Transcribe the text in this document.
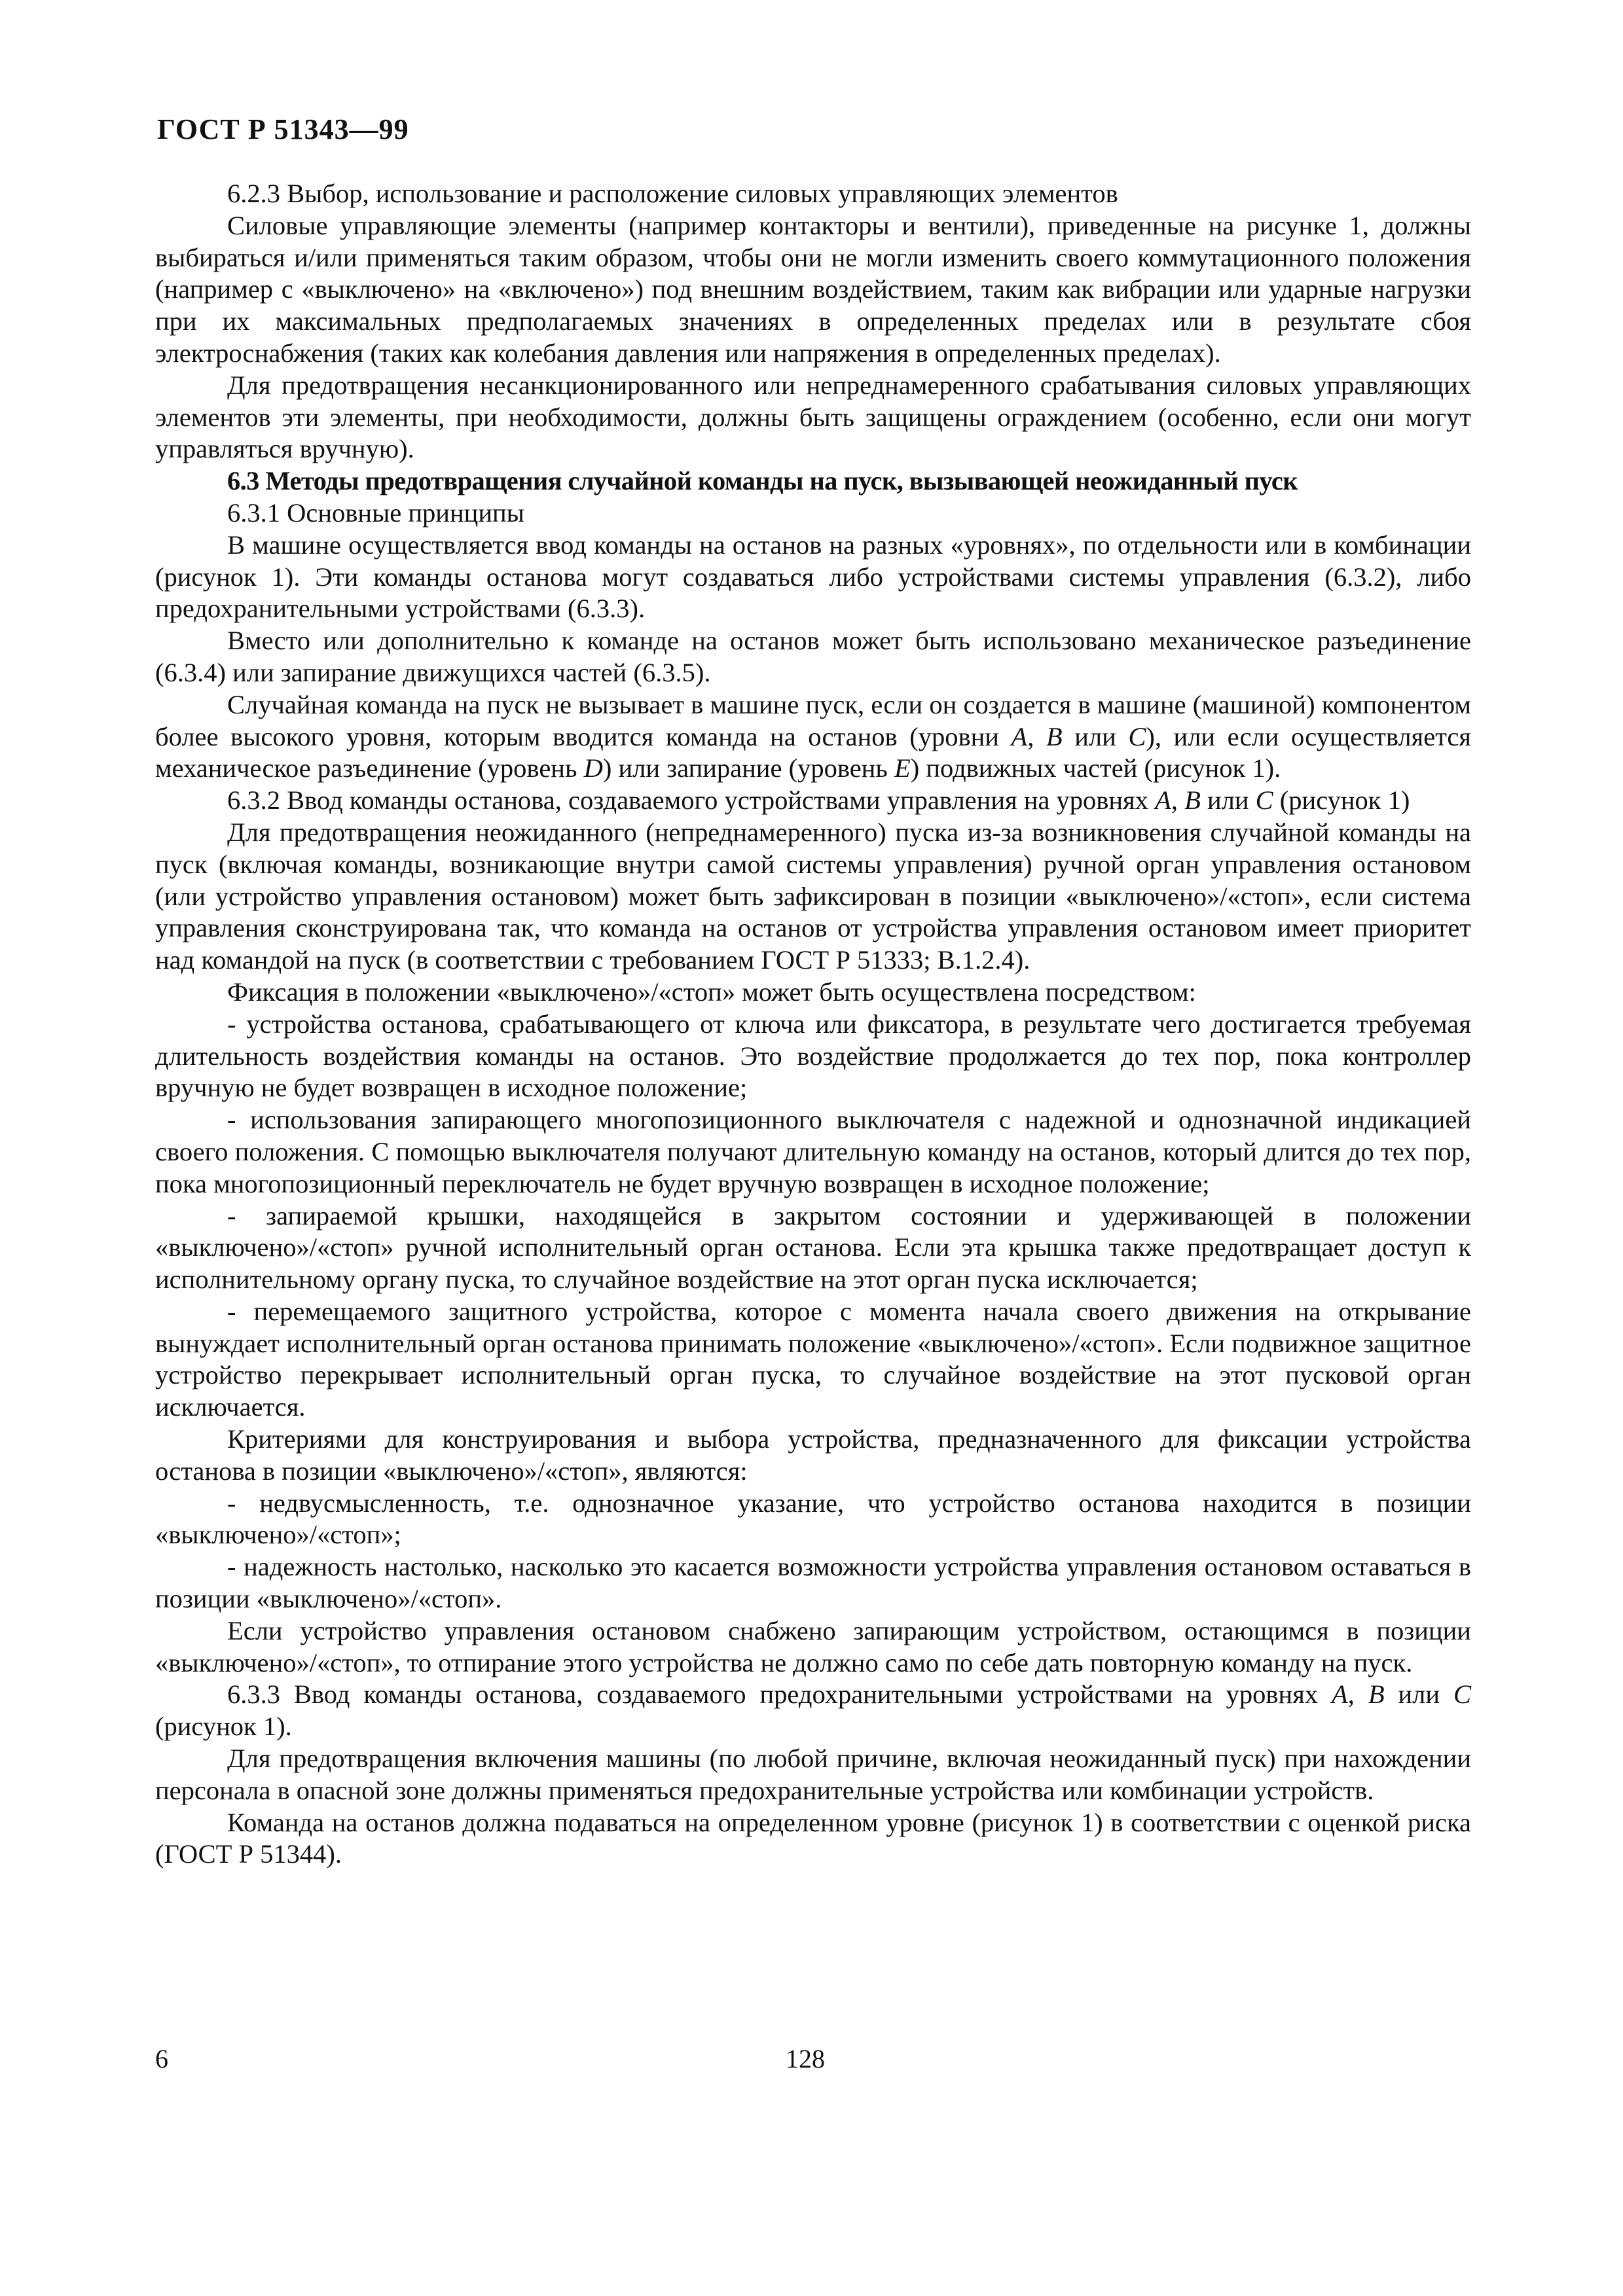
ГОСТ Р 51343—99

6.2.3 Выбор, использование и расположение силовых управляющих элементов

Силовые управляющие элементы (например контакторы и вентили), приведенные на рисунке 1, должны выбираться и/или применяться таким образом, чтобы они не могли изменить своего коммутационного положения (например с «выключено» на «включено») под внешним воздействием, таким как вибрации или ударные нагрузки при их максимальных предполагаемых значениях в определенных пределах или в результате сбоя электроснабжения (таких как колебания давления или напряжения в определенных пределах).

Для предотвращения несанкционированного или непреднамеренного срабатывания силовых управляющих элементов эти элементы, при необходимости, должны быть защищены ограждением (особенно, если они могут управляться вручную).

6.3 Методы предотвращения случайной команды на пуск, вызывающей неожиданный пуск

6.3.1 Основные принципы

В машине осуществляется ввод команды на останов на разных «уровнях», по отдельности или в комбинации (рисунок 1). Эти команды останова могут создаваться либо устройствами системы управления (6.3.2), либо предохранительными устройствами (6.3.3).

Вместо или дополнительно к команде на останов может быть использовано механическое разъединение (6.3.4) или запирание движущихся частей (6.3.5).

Случайная команда на пуск не вызывает в машине пуск, если он создается в машине (машиной) компонентом более высокого уровня, которым вводится команда на останов (уровни A, B или C), или если осуществляется механическое разъединение (уровень D) или запирание (уровень E) подвижных частей (рисунок 1).

6.3.2 Ввод команды останова, создаваемого устройствами управления на уровнях A, B или C (рисунок 1)

Для предотвращения неожиданного (непреднамеренного) пуска из-за возникновения случайной команды на пуск (включая команды, возникающие внутри самой системы управления) ручной орган управления остановом (или устройство управления остановом) может быть зафиксирован в позиции «выключено»/«стоп», если система управления сконструирована так, что команда на останов от устройства управления остановом имеет приоритет над командой на пуск (в соответствии с требованием ГОСТ Р 51333; В.1.2.4).

Фиксация в положении «выключено»/«стоп» может быть осуществлена посредством:

- устройства останова, срабатывающего от ключа или фиксатора, в результате чего достигается требуемая длительность воздействия команды на останов. Это воздействие продолжается до тех пор, пока контроллер вручную не будет возвращен в исходное положение;

- использования запирающего многопозиционного выключателя с надежной и однозначной индикацией своего положения. С помощью выключателя получают длительную команду на останов, который длится до тех пор, пока многопозиционный переключатель не будет вручную возвращен в исходное положение;

- запираемой крышки, находящейся в закрытом состоянии и удерживающей в положении «выключено»/«стоп» ручной исполнительный орган останова. Если эта крышка также предотвращает доступ к исполнительному органу пуска, то случайное воздействие на этот орган пуска исключается;

- перемещаемого защитного устройства, которое с момента начала своего движения на открывание вынуждает исполнительный орган останова принимать положение «выключено»/«стоп». Если подвижное защитное устройство перекрывает исполнительный орган пуска, то случайное воздействие на этот пусковой орган исключается.

Критериями для конструирования и выбора устройства, предназначенного для фиксации устройства останова в позиции «выключено»/«стоп», являются:

- недвусмысленность, т.е. однозначное указание, что устройство останова находится в позиции «выключено»/«стоп»;

- надежность настолько, насколько это касается возможности устройства управления остановом оставаться в позиции «выключено»/«стоп».

Если устройство управления остановом снабжено запирающим устройством, остающимся в позиции «выключено»/«стоп», то отпирание этого устройства не должно само по себе дать повторную команду на пуск.

6.3.3 Ввод команды останова, создаваемого предохранительными устройствами на уровнях A, B или C (рисунок 1).

Для предотвращения включения машины (по любой причине, включая неожиданный пуск) при нахождении персонала в опасной зоне должны применяться предохранительные устройства или комбинации устройств.

Команда на останов должна подаваться на определенном уровне (рисунок 1) в соответствии с оценкой риска (ГОСТ Р 51344).

6	128
